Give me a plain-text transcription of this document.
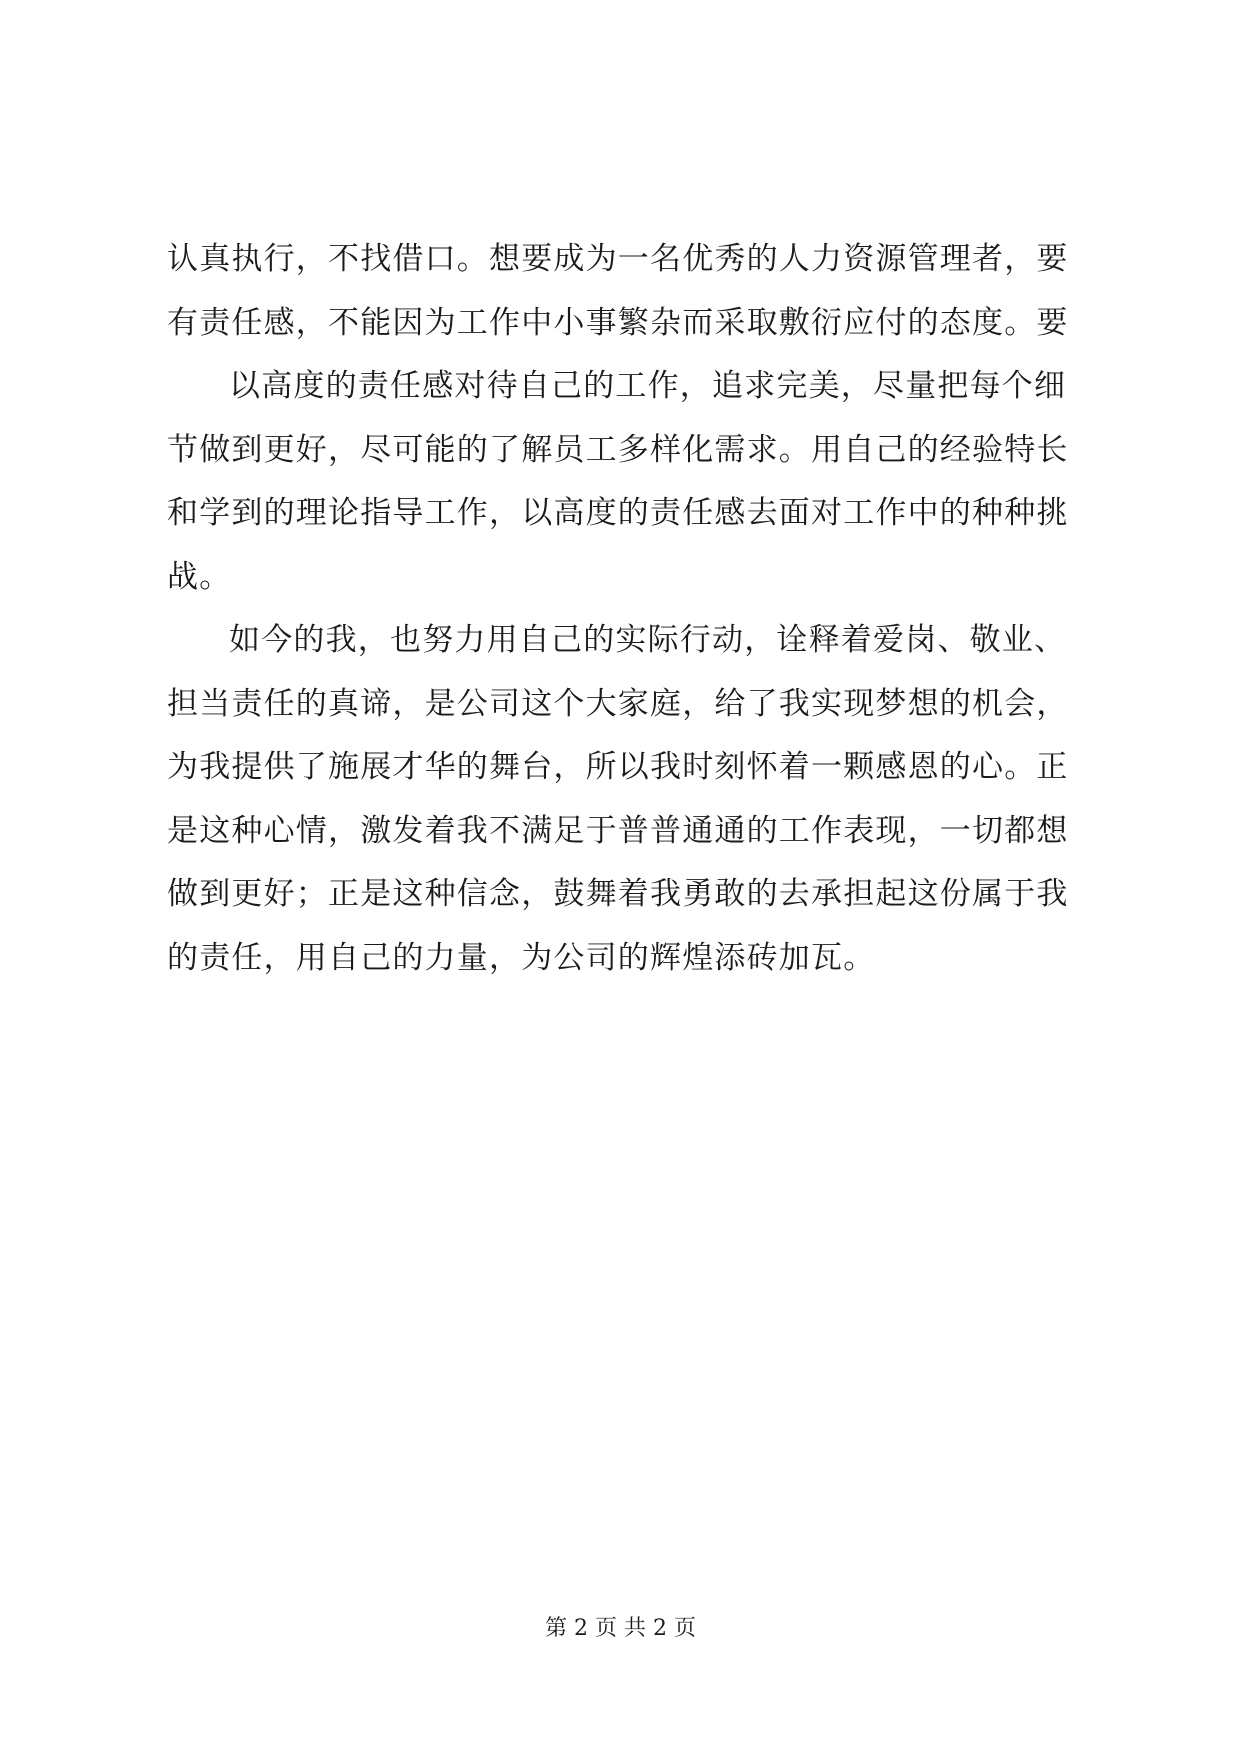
认真执行，不找借口。想要成为一名优秀的人力资源管理者，要
有责任感，不能因为工作中小事繁杂而采取敷衍应付的态度。要
以高度的责任感对待自己的工作，追求完美，尽量把每个细
节做到更好，尽可能的了解员工多样化需求。用自己的经验特长
和学到的理论指导工作，以高度的责任感去面对工作中的种种挑
战。
如今的我，也努力用自己的实际行动，诠释着爱岗、敬业、
担当责任的真谛，是公司这个大家庭，给了我实现梦想的机会，
为我提供了施展才华的舞台，所以我时刻怀着一颗感恩的心。正
是这种心情，激发着我不满足于普普通通的工作表现，一切都想
做到更好；正是这种信念，鼓舞着我勇敢的去承担起这份属于我
的责任，用自己的力量，为公司的辉煌添砖加瓦。
第 2 页 共 2 页
